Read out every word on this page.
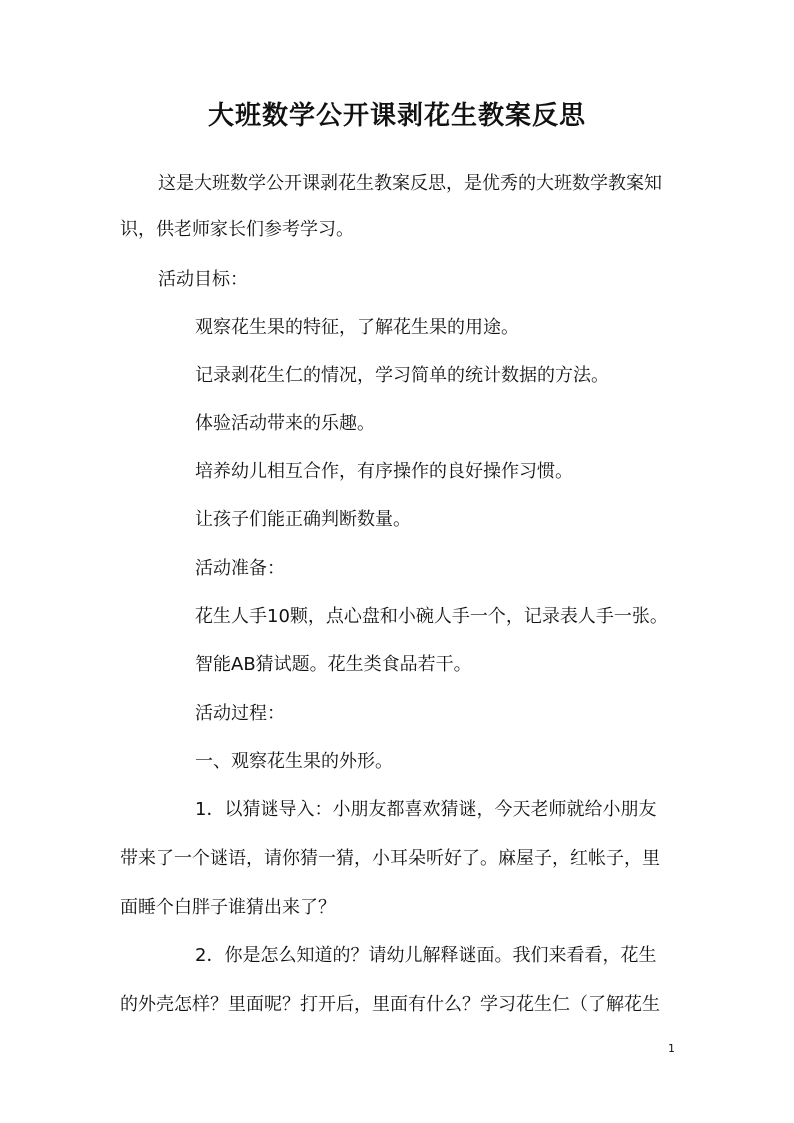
大班数学公开课剥花生教案反思

这是大班数学公开课剥花生教案反思，是优秀的大班数学教案知

识，供老师家长们参考学习。

活动目标：

观察花生果的特征，了解花生果的用途。

记录剥花生仁的情况，学习简单的统计数据的方法。

体验活动带来的乐趣。

培养幼儿相互合作，有序操作的良好操作习惯。

让孩子们能正确判断数量。

活动准备：

花生人手10颗，点心盘和小碗人手一个，记录表人手一张。

智能AB猜试题。花生类食品若干。

活动过程：

一、观察花生果的外形。

1．以猜谜导入：小朋友都喜欢猜谜，今天老师就给小朋友

带来了一个谜语，请你猜一猜，小耳朵听好了。麻屋子，红帐子，里

面睡个白胖子谁猜出来了？

2．你是怎么知道的？请幼儿解释谜面。我们来看看，花生

的外壳怎样？里面呢？打开后，里面有什么？学习花生仁（了解花生

1
